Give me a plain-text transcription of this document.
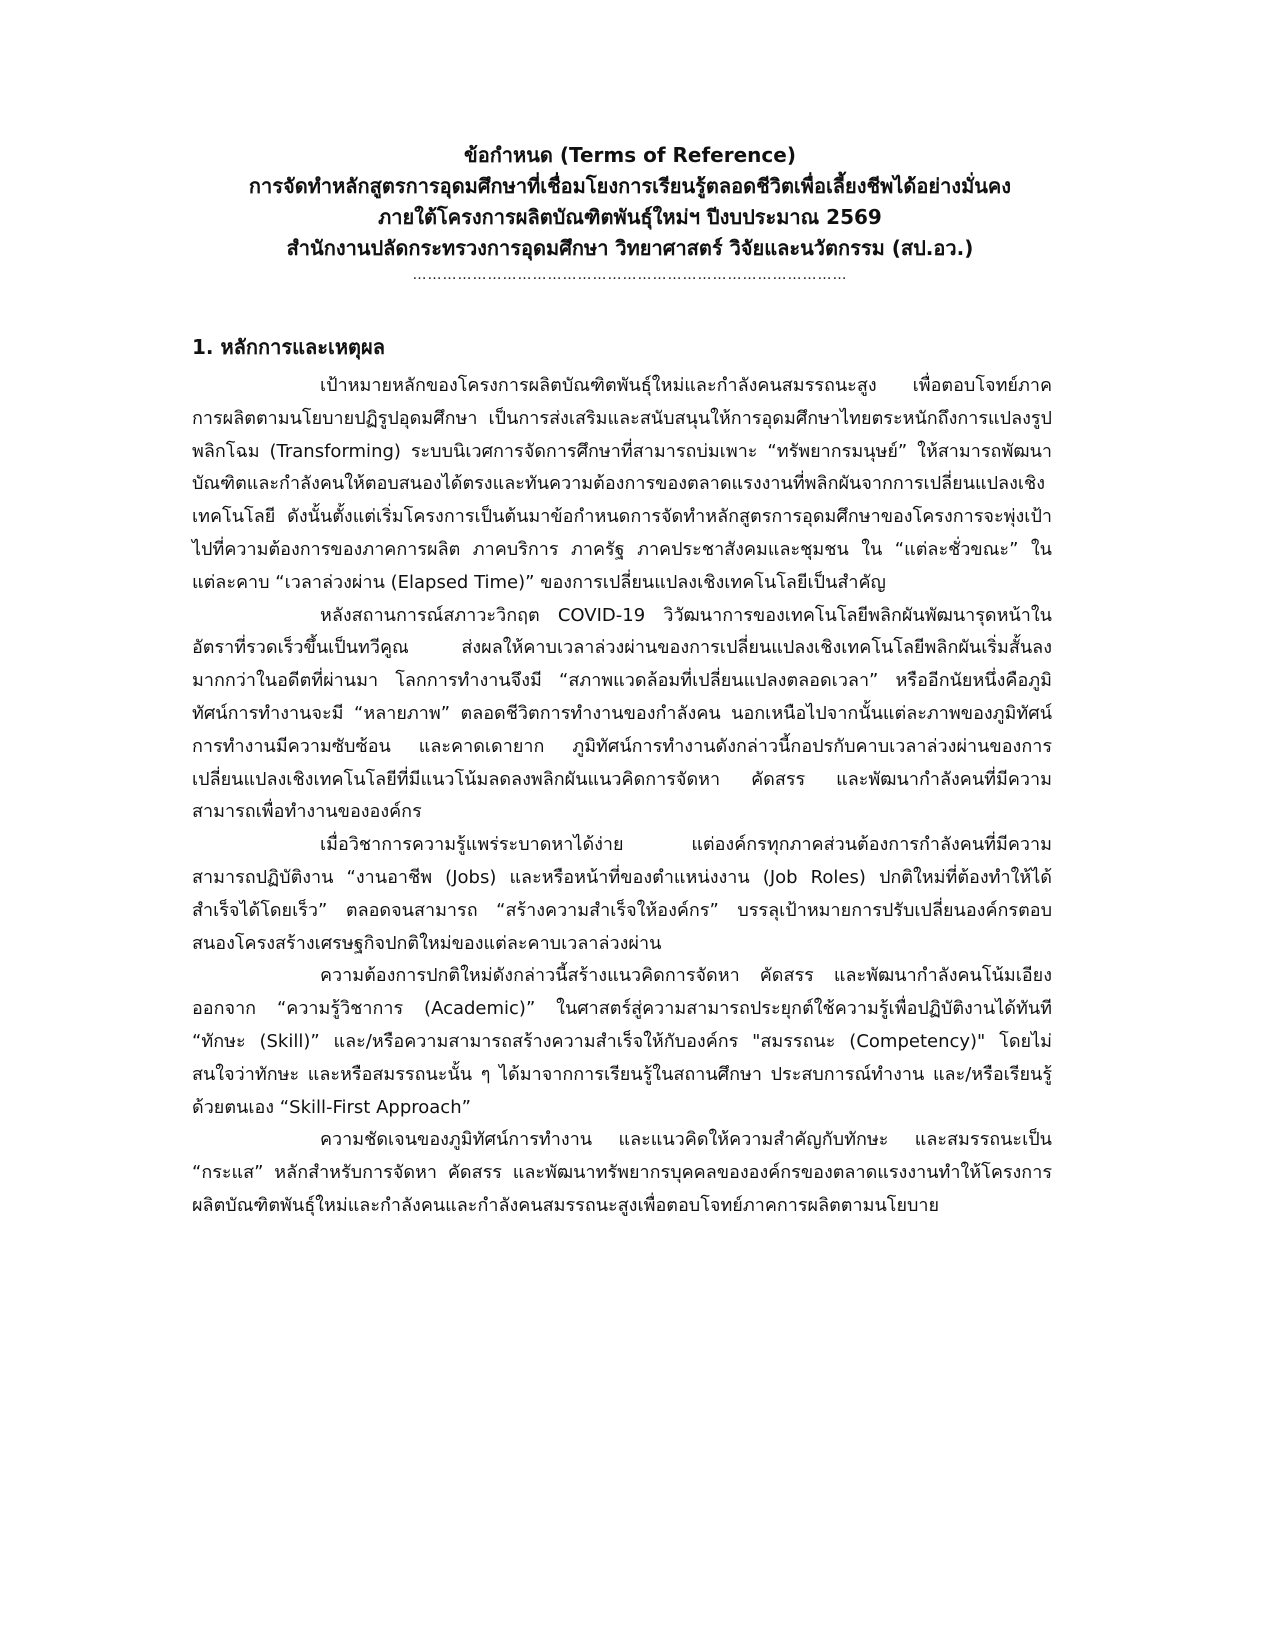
ข้อกำหนด (Terms of Reference)
การจัดทำหลักสูตรการอุดมศึกษาที่เชื่อมโยงการเรียนรู้ตลอดชีวิตเพื่อเลี้ยงชีพได้อย่างมั่นคง
ภายใต้โครงการผลิตบัณฑิตพันธุ์ใหม่ฯ ปีงบประมาณ 2569
สำนักงานปลัดกระทรวงการอุดมศึกษา วิทยาศาสตร์ วิจัยและนวัตกรรม (สป.อว.)
……………………………………………………………………………
1. หลักการและเหตุผล

เป้าหมายหลักของโครงการผลิตบัณฑิตพันธุ์ใหม่และกำลังคนสมรรถนะสูง เพื่อตอบโจทย์ภาคการผลิตตามนโยบายปฏิรูปอุดมศึกษา เป็นการส่งเสริมและสนับสนุนให้การอุดมศึกษาไทยตระหนักถึงการแปลงรูปพลิกโฉม (Transforming) ระบบนิเวศการจัดการศึกษาที่สามารถบ่มเพาะ “ทรัพยากรมนุษย์” ให้สามารถพัฒนาบัณฑิตและกำลังคนให้ตอบสนองได้ตรงและทันความต้องการของตลาดแรงงานที่พลิกผันจากการเปลี่ยนแปลงเชิงเทคโนโลยี ดังนั้นตั้งแต่เริ่มโครงการเป็นต้นมาข้อกำหนดการจัดทำหลักสูตรการอุดมศึกษาของโครงการจะพุ่งเป้าไปที่ความต้องการของภาคการผลิต ภาคบริการ ภาครัฐ ภาคประชาสังคมและชุมชน ใน “แต่ละชั่วขณะ” ในแต่ละคาบ “เวลาล่วงผ่าน (Elapsed Time)” ของการเปลี่ยนแปลงเชิงเทคโนโลยีเป็นสำคัญ

หลังสถานการณ์สภาวะวิกฤต COVID-19 วิวัฒนาการของเทคโนโลยีพลิกผันพัฒนารุดหน้าในอัตราที่รวดเร็วขึ้นเป็นทวีคูณ ส่งผลให้คาบเวลาล่วงผ่านของการเปลี่ยนแปลงเชิงเทคโนโลยีพลิกผันเริ่มสั้นลงมากกว่าในอดีตที่ผ่านมา โลกการทำงานจึงมี “สภาพแวดล้อมที่เปลี่ยนแปลงตลอดเวลา” หรืออีกนัยหนึ่งคือภูมิทัศน์การทำงานจะมี “หลายภาพ” ตลอดชีวิตการทำงานของกำลังคน นอกเหนือไปจากนั้นแต่ละภาพของภูมิทัศน์การทำงานมีความซับซ้อน และคาดเดายาก ภูมิทัศน์การทำงานดังกล่าวนี้กอปรกับคาบเวลาล่วงผ่านของการเปลี่ยนแปลงเชิงเทคโนโลยีที่มีแนวโน้มลดลงพลิกผันแนวคิดการจัดหา คัดสรร และพัฒนากำลังคนที่มีความสามารถเพื่อทำงานขององค์กร

เมื่อวิชาการความรู้แพร่ระบาดหาได้ง่าย แต่องค์กรทุกภาคส่วนต้องการกำลังคนที่มีความสามารถปฏิบัติงาน “งานอาชีพ (Jobs) และหรือหน้าที่ของตำแหน่งงาน (Job Roles) ปกติใหม่ที่ต้องทำให้ได้สำเร็จได้โดยเร็ว” ตลอดจนสามารถ “สร้างความสำเร็จให้องค์กร” บรรลุเป้าหมายการปรับเปลี่ยนองค์กรตอบสนองโครงสร้างเศรษฐกิจปกติใหม่ของแต่ละคาบเวลาล่วงผ่าน

ความต้องการปกติใหม่ดังกล่าวนี้สร้างแนวคิดการจัดหา คัดสรร และพัฒนากำลังคนโน้มเอียงออกจาก “ความรู้วิชาการ (Academic)” ในศาสตร์สู่ความสามารถประยุกต์ใช้ความรู้เพื่อปฏิบัติงานได้ทันที “ทักษะ (Skill)” และ/หรือความสามารถสร้างความสำเร็จให้กับองค์กร "สมรรถนะ (Competency)" โดยไม่สนใจว่าทักษะ และหรือสมรรถนะนั้น ๆ ได้มาจากการเรียนรู้ในสถานศึกษา ประสบการณ์ทำงาน และ/หรือเรียนรู้ด้วยตนเอง “Skill-First Approach”

ความชัดเจนของภูมิทัศน์การทำงาน และแนวคิดให้ความสำคัญกับทักษะ และสมรรถนะเป็น “กระแส” หลักสำหรับการจัดหา คัดสรร และพัฒนาทรัพยากรบุคคลขององค์กรของตลาดแรงงานทำให้โครงการผลิตบัณฑิตพันธุ์ใหม่และกำลังคนและกำลังคนสมรรถนะสูงเพื่อตอบโจทย์ภาคการผลิตตามนโยบาย
